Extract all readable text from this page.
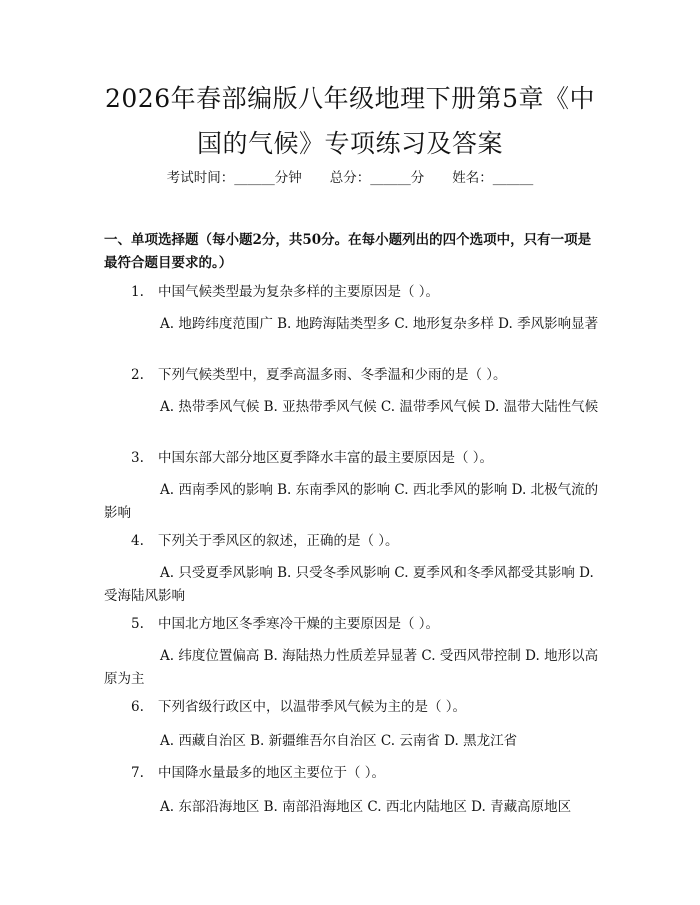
2026年春部编版八年级地理下册第5章《中国的气候》专项练习及答案
考试时间：______分钟 总分：______分 姓名：______
一、单项选择题（每小题2分，共50分。在每小题列出的四个选项中，只有一项是最符合题目要求的。）
1. 中国气候类型最为复杂多样的主要原因是（ ）。
A. 地跨纬度范围广 B. 地跨海陆类型多 C. 地形复杂多样 D. 季风影响显著
2. 下列气候类型中，夏季高温多雨、冬季温和少雨的是（ ）。
A. 热带季风气候 B. 亚热带季风气候 C. 温带季风气候 D. 温带大陆性气候
3. 中国东部大部分地区夏季降水丰富的最主要原因是（ ）。
A. 西南季风的影响 B. 东南季风的影响 C. 西北季风的影响 D. 北极气流的影响
4. 下列关于季风区的叙述，正确的是（ ）。
A. 只受夏季风影响 B. 只受冬季风影响 C. 夏季风和冬季风都受其影响 D. 受海陆风影响
5. 中国北方地区冬季寒冷干燥的主要原因是（ ）。
A. 纬度位置偏高 B. 海陆热力性质差异显著 C. 受西风带控制 D. 地形以高原为主
6. 下列省级行政区中，以温带季风气候为主的是（ ）。
A. 西藏自治区 B. 新疆维吾尔自治区 C. 云南省 D. 黑龙江省
7. 中国降水量最多的地区主要位于（ ）。
A. 东部沿海地区 B. 南部沿海地区 C. 西北内陆地区 D. 青藏高原地区
